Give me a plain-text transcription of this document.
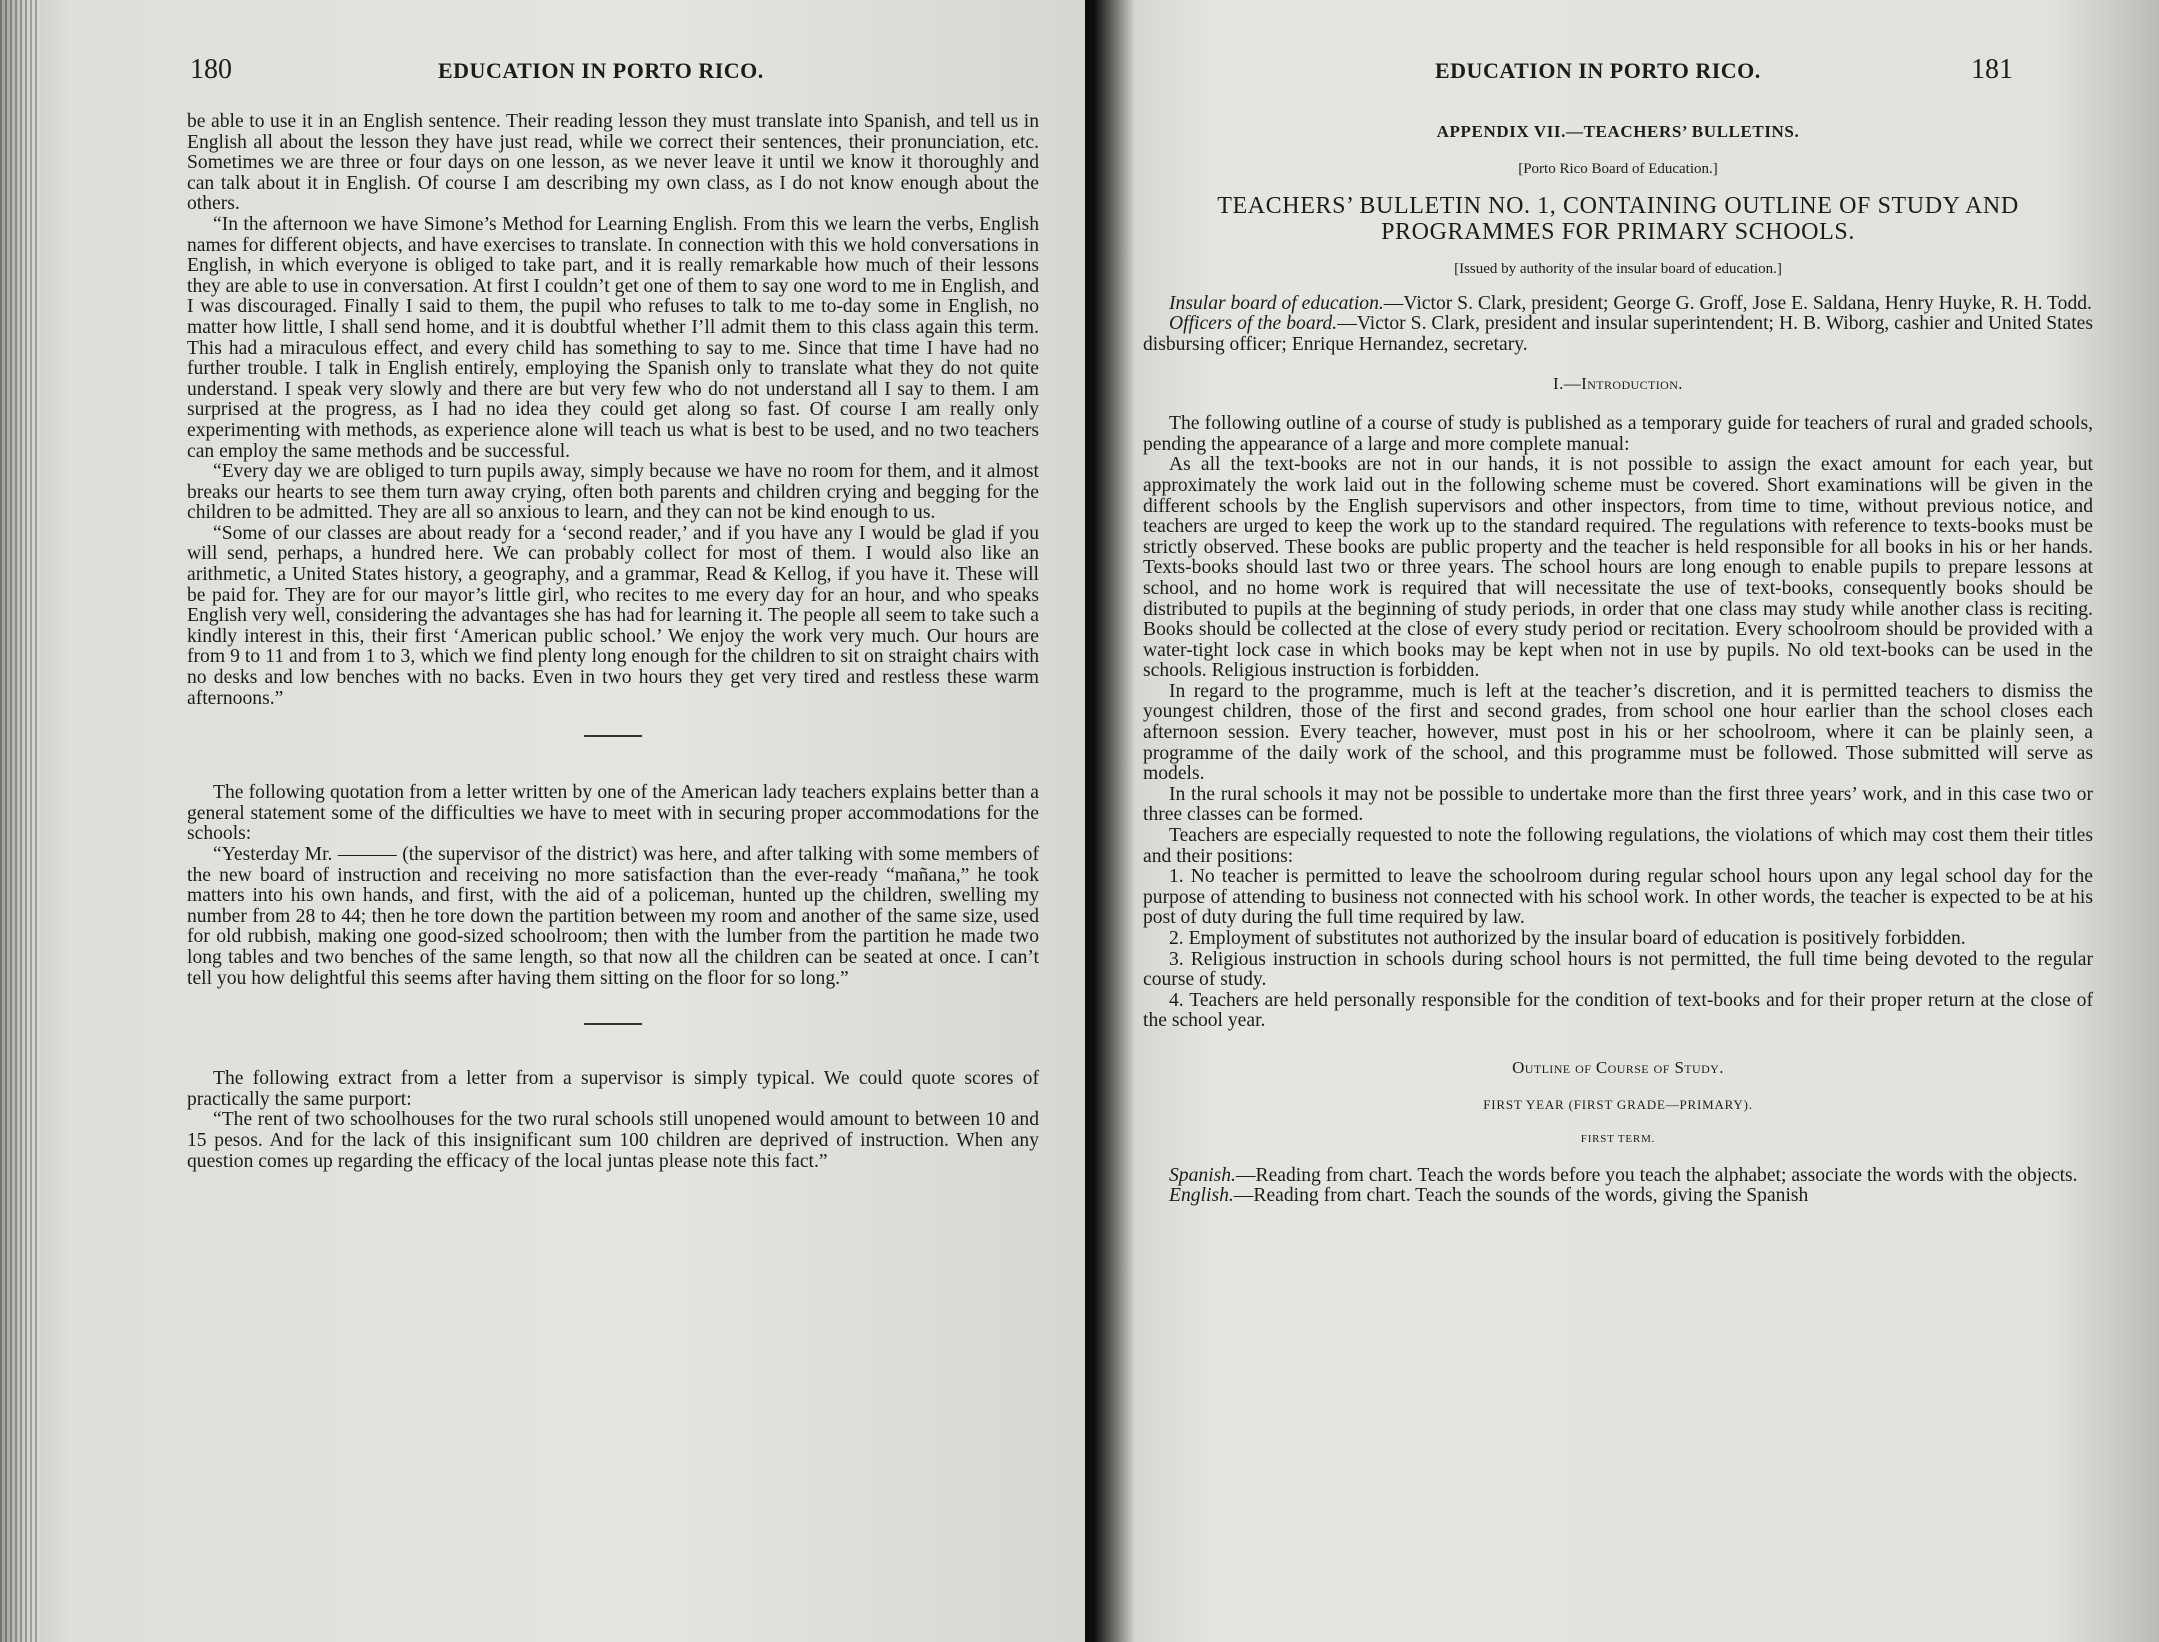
180	EDUCATION IN PORTO RICO.

be able to use it in an English sentence. Their reading lesson they must translate into Spanish, and tell us in English all about the lesson they have just read, while we correct their sentences, their pronunciation, etc. Sometimes we are three or four days on one lesson, as we never leave it until we know it thoroughly and can talk about it in English. Of course I am describing my own class, as I do not know enough about the others.

“In the afternoon we have Simone’s Method for Learning English. From this we learn the verbs, English names for different objects, and have exercises to translate. In connection with this we hold conversations in English, in which everyone is obliged to take part, and it is really remarkable how much of their lessons they are able to use in conversation. At first I couldn’t get one of them to say one word to me in English, and I was discouraged. Finally I said to them, the pupil who refuses to talk to me to-day some in English, no matter how little, I shall send home, and it is doubtful whether I’ll admit them to this class again this term. This had a miraculous effect, and every child has something to say to me. Since that time I have had no further trouble. I talk in English entirely, employing the Spanish only to translate what they do not quite understand. I speak very slowly and there are but very few who do not understand all I say to them. I am surprised at the progress, as I had no idea they could get along so fast. Of course I am really only experimenting with methods, as experience alone will teach us what is best to be used, and no two teachers can employ the same methods and be successful.

“Every day we are obliged to turn pupils away, simply because we have no room for them, and it almost breaks our hearts to see them turn away crying, often both parents and children crying and begging for the children to be admitted. They are all so anxious to learn, and they can not be kind enough to us.

“Some of our classes are about ready for a ‘second reader,’ and if you have any I would be glad if you will send, perhaps, a hundred here. We can probably collect for most of them. I would also like an arithmetic, a United States history, a geography, and a grammar, Read & Kellog, if you have it. These will be paid for. They are for our mayor’s little girl, who recites to me every day for an hour, and who speaks English very well, considering the advantages she has had for learning it. The people all seem to take such a kindly interest in this, their first ‘American public school.’ We enjoy the work very much. Our hours are from 9 to 11 and from 1 to 3, which we find plenty long enough for the children to sit on straight chairs with no desks and low benches with no backs. Even in two hours they get very tired and restless these warm afternoons.”

The following quotation from a letter written by one of the American lady teachers explains better than a general statement some of the difficulties we have to meet with in securing proper accommodations for the schools:

“Yesterday Mr. ——— (the supervisor of the district) was here, and after talking with some members of the new board of instruction and receiving no more satisfaction than the ever-ready “mañana,” he took matters into his own hands, and first, with the aid of a policeman, hunted up the children, swelling my number from 28 to 44; then he tore down the partition between my room and another of the same size, used for old rubbish, making one good-sized schoolroom; then with the lumber from the partition he made two long tables and two benches of the same length, so that now all the children can be seated at once. I can’t tell you how delightful this seems after having them sitting on the floor for so long.”

The following extract from a letter from a supervisor is simply typical. We could quote scores of practically the same purport:

“The rent of two schoolhouses for the two rural schools still unopened would amount to between 10 and 15 pesos. And for the lack of this insignificant sum 100 children are deprived of instruction. When any question comes up regarding the efficacy of the local juntas please note this fact.”

EDUCATION IN PORTO RICO.	181

APPENDIX VII.—TEACHERS’ BULLETINS.

[Porto Rico Board of Education.]

TEACHERS’ BULLETIN NO. 1, CONTAINING OUTLINE OF STUDY AND PROGRAMMES FOR PRIMARY SCHOOLS.

[Issued by authority of the insular board of education.]

Insular board of education.—Victor S. Clark, president; George G. Groff, Jose E. Saldana, Henry Huyke, R. H. Todd.

Officers of the board.—Victor S. Clark, president and insular superintendent; H. B. Wiborg, cashier and United States disbursing officer; Enrique Hernandez, secretary.

I.—Introduction.

The following outline of a course of study is published as a temporary guide for teachers of rural and graded schools, pending the appearance of a large and more complete manual:

As all the text-books are not in our hands, it is not possible to assign the exact amount for each year, but approximately the work laid out in the following scheme must be covered. Short examinations will be given in the different schools by the English supervisors and other inspectors, from time to time, without previous notice, and teachers are urged to keep the work up to the standard required. The regulations with reference to texts-books must be strictly observed. These books are public property and the teacher is held responsible for all books in his or her hands. Texts-books should last two or three years. The school hours are long enough to enable pupils to prepare lessons at school, and no home work is required that will necessitate the use of text-books, consequently books should be distributed to pupils at the beginning of study periods, in order that one class may study while another class is reciting. Books should be collected at the close of every study period or recitation. Every schoolroom should be provided with a water-tight lock case in which books may be kept when not in use by pupils. No old text-books can be used in the schools. Religious instruction is forbidden.

In regard to the programme, much is left at the teacher’s discretion, and it is permitted teachers to dismiss the youngest children, those of the first and second grades, from school one hour earlier than the school closes each afternoon session. Every teacher, however, must post in his or her schoolroom, where it can be plainly seen, a programme of the daily work of the school, and this programme must be followed. Those submitted will serve as models.

In the rural schools it may not be possible to undertake more than the first three years’ work, and in this case two or three classes can be formed.

Teachers are especially requested to note the following regulations, the violations of which may cost them their titles and their positions:

1. No teacher is permitted to leave the schoolroom during regular school hours upon any legal school day for the purpose of attending to business not connected with his school work. In other words, the teacher is expected to be at his post of duty during the full time required by law.

2. Employment of substitutes not authorized by the insular board of education is positively forbidden.

3. Religious instruction in schools during school hours is not permitted, the full time being devoted to the regular course of study.

4. Teachers are held personally responsible for the condition of text-books and for their proper return at the close of the school year.

Outline of Course of Study.

FIRST YEAR (FIRST GRADE—PRIMARY).

FIRST TERM.

Spanish.—Reading from chart. Teach the words before you teach the alphabet; associate the words with the objects.

English.—Reading from chart. Teach the sounds of the words, giving the Spanish
